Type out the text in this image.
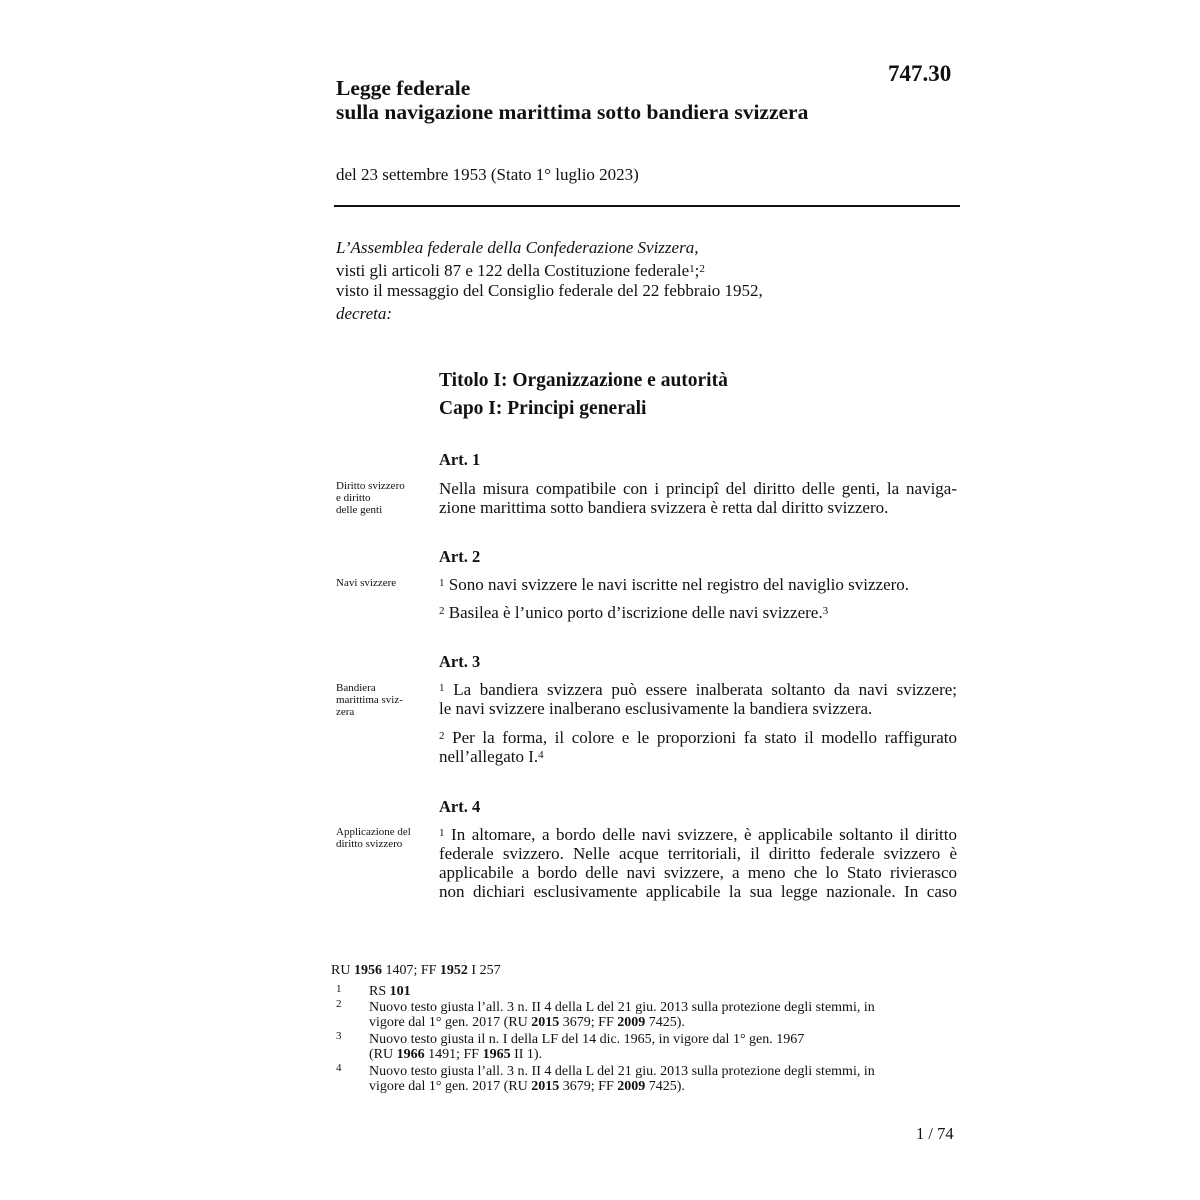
747.30
Legge federale
sulla navigazione marittima sotto bandiera svizzera
del 23 settembre 1953 (Stato 1° luglio 2023)
L’Assemblea federale della Confederazione Svizzera,
visti gli articoli 87 e 122 della Costituzione federale$^1$;$^2$
visto il messaggio del Consiglio federale del 22 febbraio 1952,
decreta:
Titolo I: Organizzazione e autorità
Capo I: Principi generali
Art. 1
Diritto svizzero
e diritto
delle genti
Nella misura compatibile con i principî del diritto delle genti, la naviga-
zione marittima sotto bandiera svizzera è retta dal diritto svizzero.
Art. 2
Navi svizzere	$^1$ Sono navi svizzere le navi iscritte nel registro del naviglio svizzero.
$^2$ Basilea è l’unico porto d’iscrizione delle navi svizzere.$^3$
Art. 3
Bandiera
marittima sviz-
zera
$^1$ La bandiera svizzera può essere inalberata soltanto da navi svizzere;
le navi svizzere inalberano esclusivamente la bandiera svizzera.
$^2$ Per la forma, il colore e le proporzioni fa stato il modello raffigurato
nell’allegato I.$^4$
Art. 4
Applicazione del
diritto svizzero
$^1$ In altomare, a bordo delle navi svizzere, è applicabile soltanto il diritto
federale svizzero. Nelle acque territoriali, il diritto federale svizzero è
applicabile a bordo delle navi svizzere, a meno che lo Stato rivierasco
non dichiari esclusivamente applicabile la sua legge nazionale. In caso
RU 1956 1407; FF 1952 I 257
1 RS 101
2 Nuovo testo giusta l’all. 3 n. II 4 della L del 21 giu. 2013 sulla protezione degli stemmi, in
vigore dal 1° gen. 2017 (RU 2015 3679; FF 2009 7425).
3 Nuovo testo giusta il n. I della LF del 14 dic. 1965, in vigore dal 1° gen. 1967
(RU 1966 1491; FF 1965 II 1).
4 Nuovo testo giusta l’all. 3 n. II 4 della L del 21 giu. 2013 sulla protezione degli stemmi, in
vigore dal 1° gen. 2017 (RU 2015 3679; FF 2009 7425).
1 / 74
